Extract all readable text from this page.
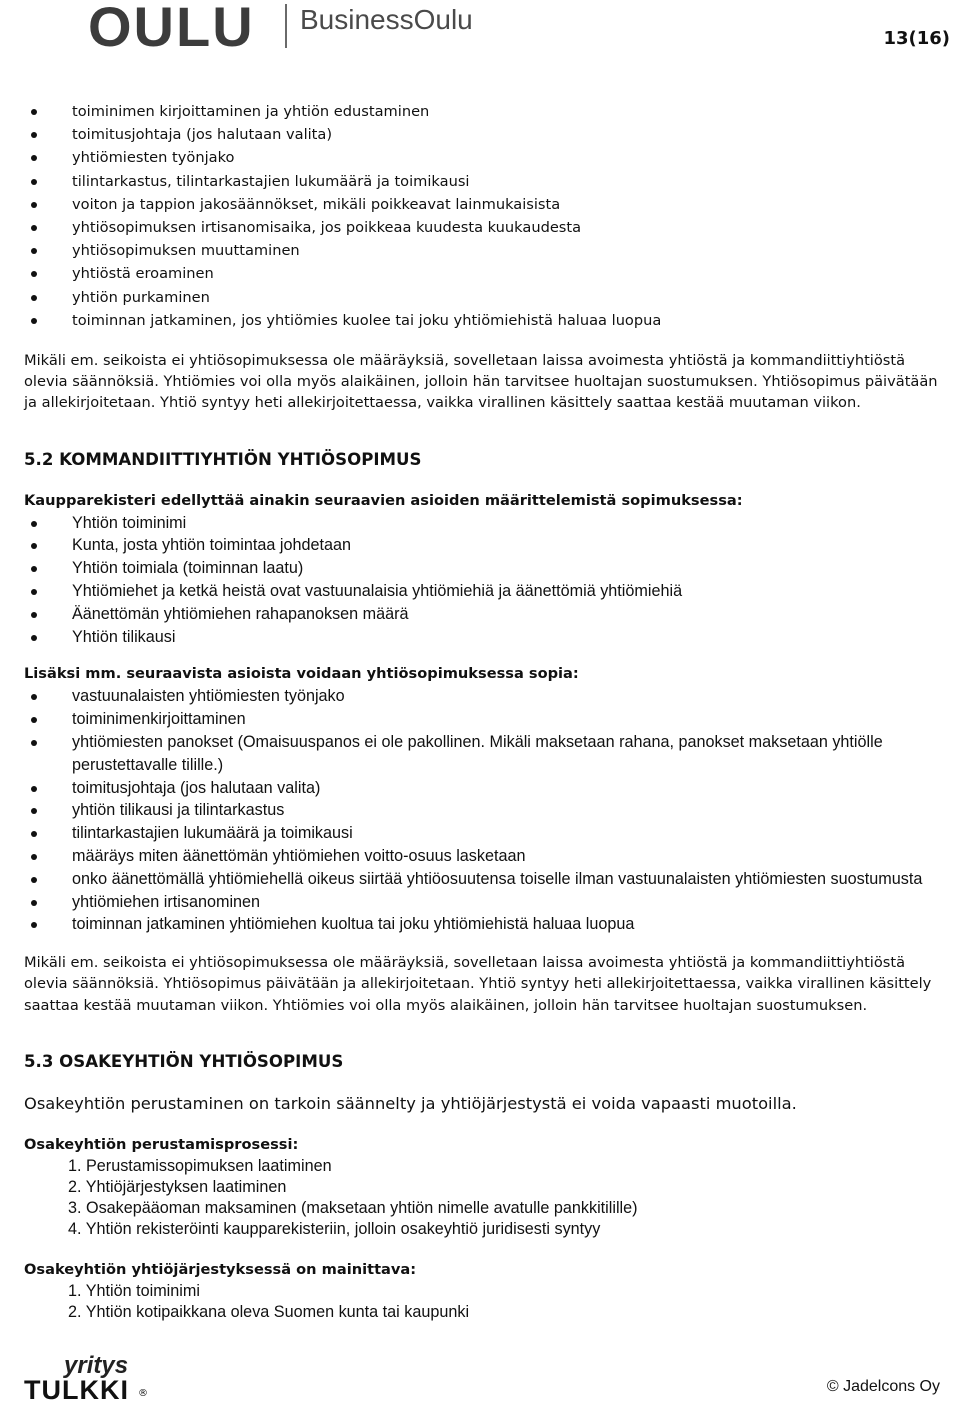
OULU BusinessOulu
13(16)
toiminimen kirjoittaminen ja yhtiön edustaminen
toimitusjohtaja (jos halutaan valita)
yhtiömiesten työnjako
tilintarkastus, tilintarkastajien lukumäärä ja toimikausi
voiton ja tappion jakosäännökset, mikäli poikkeavat lainmukaisista
yhtiösopimuksen irtisanomisaika, jos poikkeaa kuudesta kuukaudesta
yhtiösopimuksen muuttaminen
yhtiöstä eroaminen
yhtiön purkaminen
toiminnan jatkaminen, jos yhtiömies kuolee tai joku yhtiömiehistä haluaa luopua

Mikäli em. seikoista ei yhtiösopimuksessa ole määräyksiä, sovelletaan laissa avoimesta yhtiöstä ja kommandiittiyhtiöstä olevia säännöksiä. Yhtiömies voi olla myös alaikäinen, jolloin hän tarvitsee huoltajan suostumuksen. Yhtiösopimus päivätään ja allekirjoitetaan. Yhtiö syntyy heti allekirjoitettaessa, vaikka virallinen käsittely saattaa kestää muutaman viikon.

5.2 KOMMANDIITTIYHTIÖN YHTIÖSOPIMUS

Kaupparekisteri edellyttää ainakin seuraavien asioiden määrittelemistä sopimuksessa:

Yhtiön toiminimi
Kunta, josta yhtiön toimintaa johdetaan
Yhtiön toimiala (toiminnan laatu)
Yhtiömiehet ja ketkä heistä ovat vastuunalaisia yhtiömiehiä ja äänettömiä yhtiömiehiä
Äänettömän yhtiömiehen rahapanoksen määrä
Yhtiön tilikausi

Lisäksi mm. seuraavista asioista voidaan yhtiösopimuksessa sopia:

vastuunalaisten yhtiömiesten työnjako
toiminimenkirjoittaminen
yhtiömiesten panokset (Omaisuuspanos ei ole pakollinen. Mikäli maksetaan rahana, panokset maksetaan yhtiölle perustettavalle tilille.)
toimitusjohtaja (jos halutaan valita)
yhtiön tilikausi ja tilintarkastus
tilintarkastajien lukumäärä ja toimikausi
määräys miten äänettömän yhtiömiehen voitto-osuus lasketaan
onko äänettömällä yhtiömiehellä oikeus siirtää yhtiöosuutensa toiselle ilman vastuunalaisten yhtiömiesten suostumusta
yhtiömiehen irtisanominen
toiminnan jatkaminen yhtiömiehen kuoltua tai joku yhtiömiehistä haluaa luopua

Mikäli em. seikoista ei yhtiösopimuksessa ole määräyksiä, sovelletaan laissa avoimesta yhtiöstä ja kommandiittiyhtiöstä olevia säännöksiä. Yhtiösopimus päivätään ja allekirjoitetaan. Yhtiö syntyy heti allekirjoitettaessa, vaikka virallinen käsittely saattaa kestää muutaman viikon. Yhtiömies voi olla myös alaikäinen, jolloin hän tarvitsee huoltajan suostumuksen.

5.3 OSAKEYHTIÖN YHTIÖSOPIMUS

Osakeyhtiön perustaminen on tarkoin säännelty ja yhtiöjärjestystä ei voida vapaasti muotoilla.

Osakeyhtiön perustamisprosessi:

1. Perustamissopimuksen laatiminen
2. Yhtiöjärjestyksen laatiminen
3. Osakepääoman maksaminen (maksetaan yhtiön nimelle avatulle pankkitilille)
4. Yhtiön rekisteröinti kaupparekisteriin, jolloin osakeyhtiö juridisesti syntyy

Osakeyhtiön yhtiöjärjestyksessä on mainittava:

1. Yhtiön toiminimi
2. Yhtiön kotipaikkana oleva Suomen kunta tai kaupunki
yritys
TULKKI ®	© Jadelcons Oy
